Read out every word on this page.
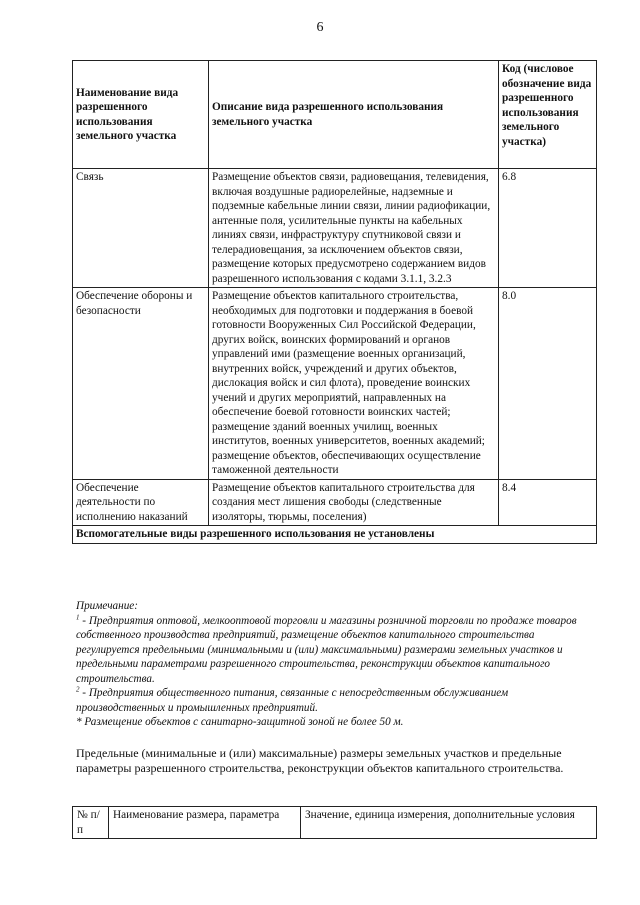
6
Наименование вида разрешенного использования земельного участка	Описание вида разрешенного использования земельного участка	Код (числовое обозначение вида разрешенного использования земельного участка)
Связь	Размещение объектов связи, радиовещания, телевидения, включая воздушные радиорелейные, надземные и подземные кабельные линии связи, линии радиофикации, антенные поля, усилительные пункты на кабельных линиях связи, инфраструктуру спутниковой связи и телерадиовещания, за исключением объектов связи, размещение которых предусмотрено содержанием видов разрешенного использования с кодами 3.1.1, 3.2.3	6.8
Обеспечение обороны и безопасности	Размещение объектов капитального строительства, необходимых для подготовки и поддержания в боевой готовности Вооруженных Сил Российской Федерации, других войск, воинских формирований и органов управлений ими (размещение военных организаций, внутренних войск, учреждений и других объектов, дислокация войск и сил флота), проведение воинских учений и других мероприятий, направленных на обеспечение боевой готовности воинских частей; размещение зданий военных училищ, военных институтов, военных университетов, военных академий; размещение объектов, обеспечивающих осуществление таможенной деятельности	8.0
Обеспечение деятельности по исполнению наказаний	Размещение объектов капитального строительства для создания мест лишения свободы (следственные изоляторы, тюрьмы, поселения)	8.4
Вспомогательные виды разрешенного использования не установлены		

Примечание:

$^1$ - Предприятия оптовой, мелкооптовой торговли и магазины розничной торговли по продаже товаров собственного производства предприятий, размещение объектов капитального строительства регулируется предельными (минимальными и (или) максимальными) размерами земельных участков и предельными параметрами разрешенного строительства, реконструкции объектов капитального строительства.

$^2$ - Предприятия общественного питания, связанные с непосредственным обслуживанием производственных и промышленных предприятий.

* Размещение объектов с санитарно-защитной зоной не более 50 м.

Предельные (минимальные и (или) максимальные) размеры земельных участков и предельные параметры разрешенного строительства, реконструкции объектов капитального строительства.
№ п/п	Наименование размера, параметра	Значение, единица измерения, дополнительные условия
